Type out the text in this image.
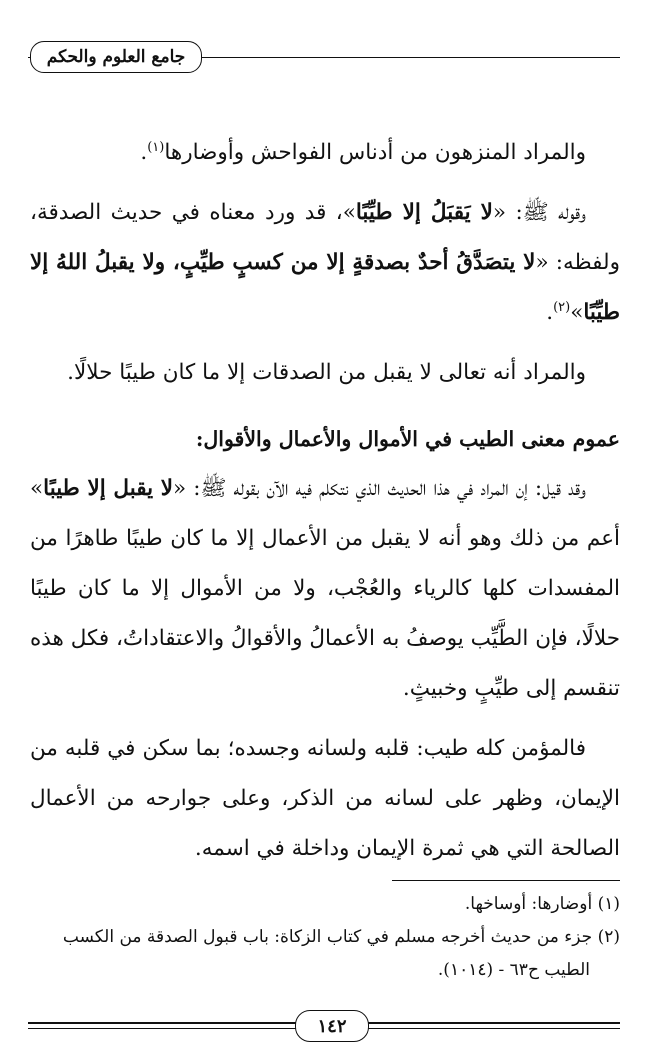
جامع العلوم والحكم

والمراد المنزهون من أدناس الفواحش وأوضارها$^{(١)}$.

وقوله ﷺ: «لا يَقبَلُ إلا طيِّبًا»، قد ورد معناه في حديث الصدقة، ولفظه: «لا يتصَدَّقُ أحدٌ بصدقةٍ إلا من كسبٍ طيِّبٍ، ولا يقبلُ اللهُ إلا طيِّبًا»$^{(٢)}$.

والمراد أنه تعالى لا يقبل من الصدقات إلا ما كان طيبًا حلالًا.

عموم معنى الطيب في الأموال والأعمال والأقوال:

وقد قيل: إن المراد في هذا الحديث الذي نتكلم فيه الآن بقوله ﷺ: «لا يقبل إلا طيبًا» أعم من ذلك وهو أنه لا يقبل من الأعمال إلا ما كان طيبًا طاهرًا من المفسدات كلها كالرياء والعُجْب، ولا من الأموال إلا ما كان طيبًا حلالًا، فإن الطَّيِّب يوصفُ به الأعمالُ والأقوالُ والاعتقاداتُ، فكل هذه تنقسم إلى طيِّبٍ وخبيثٍ.

فالمؤمن كله طيب: قلبه ولسانه وجسده؛ بما سكن في قلبه من الإيمان، وظهر على لسانه من الذكر، وعلى جوارحه من الأعمال الصالحة التي هي ثمرة الإيمان وداخلة في اسمه.

(١) أوضارها: أوساخها.

(٢) جزء من حديث أخرجه مسلم في كتاب الزكاة: باب قبول الصدقة من الكسب

الطيب ح٦٣ - (١٠١٤).

١٤٢
